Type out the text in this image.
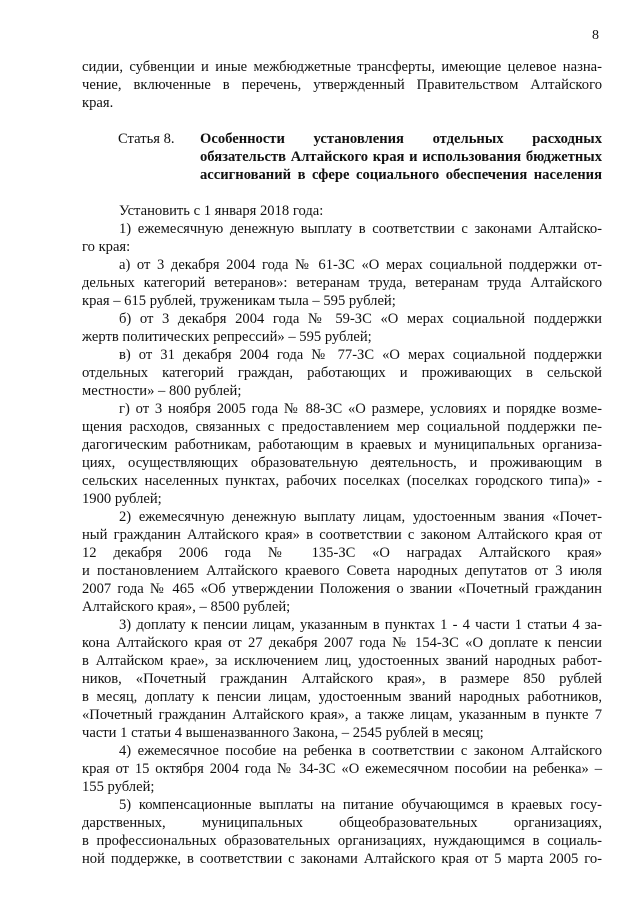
8
сидии, субвенции и иные межбюджетные трансферты, имеющие целевое назна-
чение, включенные в перечень, утвержденный Правительством Алтайского
края.
Статья 8.	Особенности установления отдельных расходных
обязательств Алтайского края и использования бюджетных
ассигнований в сфере социального обеспечения населения
Установить с 1 января 2018 года:
1) ежемесячную денежную выплату в соответствии с законами Алтайско-
го края:
а) от 3 декабря 2004 года № 61-ЗС «О мерах социальной поддержки от-
дельных категорий ветеранов»: ветеранам труда, ветеранам труда Алтайского
края – 615 рублей, труженикам тыла – 595 рублей;
б) от 3 декабря 2004 года № 59-ЗС «О мерах социальной поддержки
жертв политических репрессий» – 595 рублей;
в) от 31 декабря 2004 года № 77-ЗС «О мерах социальной поддержки
отдельных категорий граждан, работающих и проживающих в сельской
местности» – 800 рублей;
г) от 3 ноября 2005 года № 88-ЗС «О размере, условиях и порядке возме-
щения расходов, связанных с предоставлением мер социальной поддержки пе-
дагогическим работникам, работающим в краевых и муниципальных организа-
циях, осуществляющих образовательную деятельность, и проживающим в
сельских населенных пунктах, рабочих поселках (поселках городского типа)» -
1900 рублей;
2) ежемесячную денежную выплату лицам, удостоенным звания «Почет-
ный гражданин Алтайского края» в соответствии с законом Алтайского края от
12 декабря 2006 года № 135-ЗС «О наградах Алтайского края»
и постановлением Алтайского краевого Совета народных депутатов от 3 июля
2007 года № 465 «Об утверждении Положения о звании «Почетный гражданин
Алтайского края», – 8500 рублей;
3) доплату к пенсии лицам, указанным в пунктах 1 - 4 части 1 статьи 4 за-
кона Алтайского края от 27 декабря 2007 года № 154-ЗС «О доплате к пенсии
в Алтайском крае», за исключением лиц, удостоенных званий народных работ-
ников, «Почетный гражданин Алтайского края», в размере 850 рублей
в месяц, доплату к пенсии лицам, удостоенным званий народных работников,
«Почетный гражданин Алтайского края», а также лицам, указанным в пункте 7
части 1 статьи 4 вышеназванного Закона, – 2545 рублей в месяц;
4) ежемесячное пособие на ребенка в соответствии с законом Алтайского
края от 15 октября 2004 года № 34-ЗС «О ежемесячном пособии на ребенка» –
155 рублей;
5) компенсационные выплаты на питание обучающимся в краевых госу-
дарственных, муниципальных общеобразовательных организациях,
в профессиональных образовательных организациях, нуждающимся в социаль-
ной поддержке, в соответствии с законами Алтайского края от 5 марта 2005 го-
